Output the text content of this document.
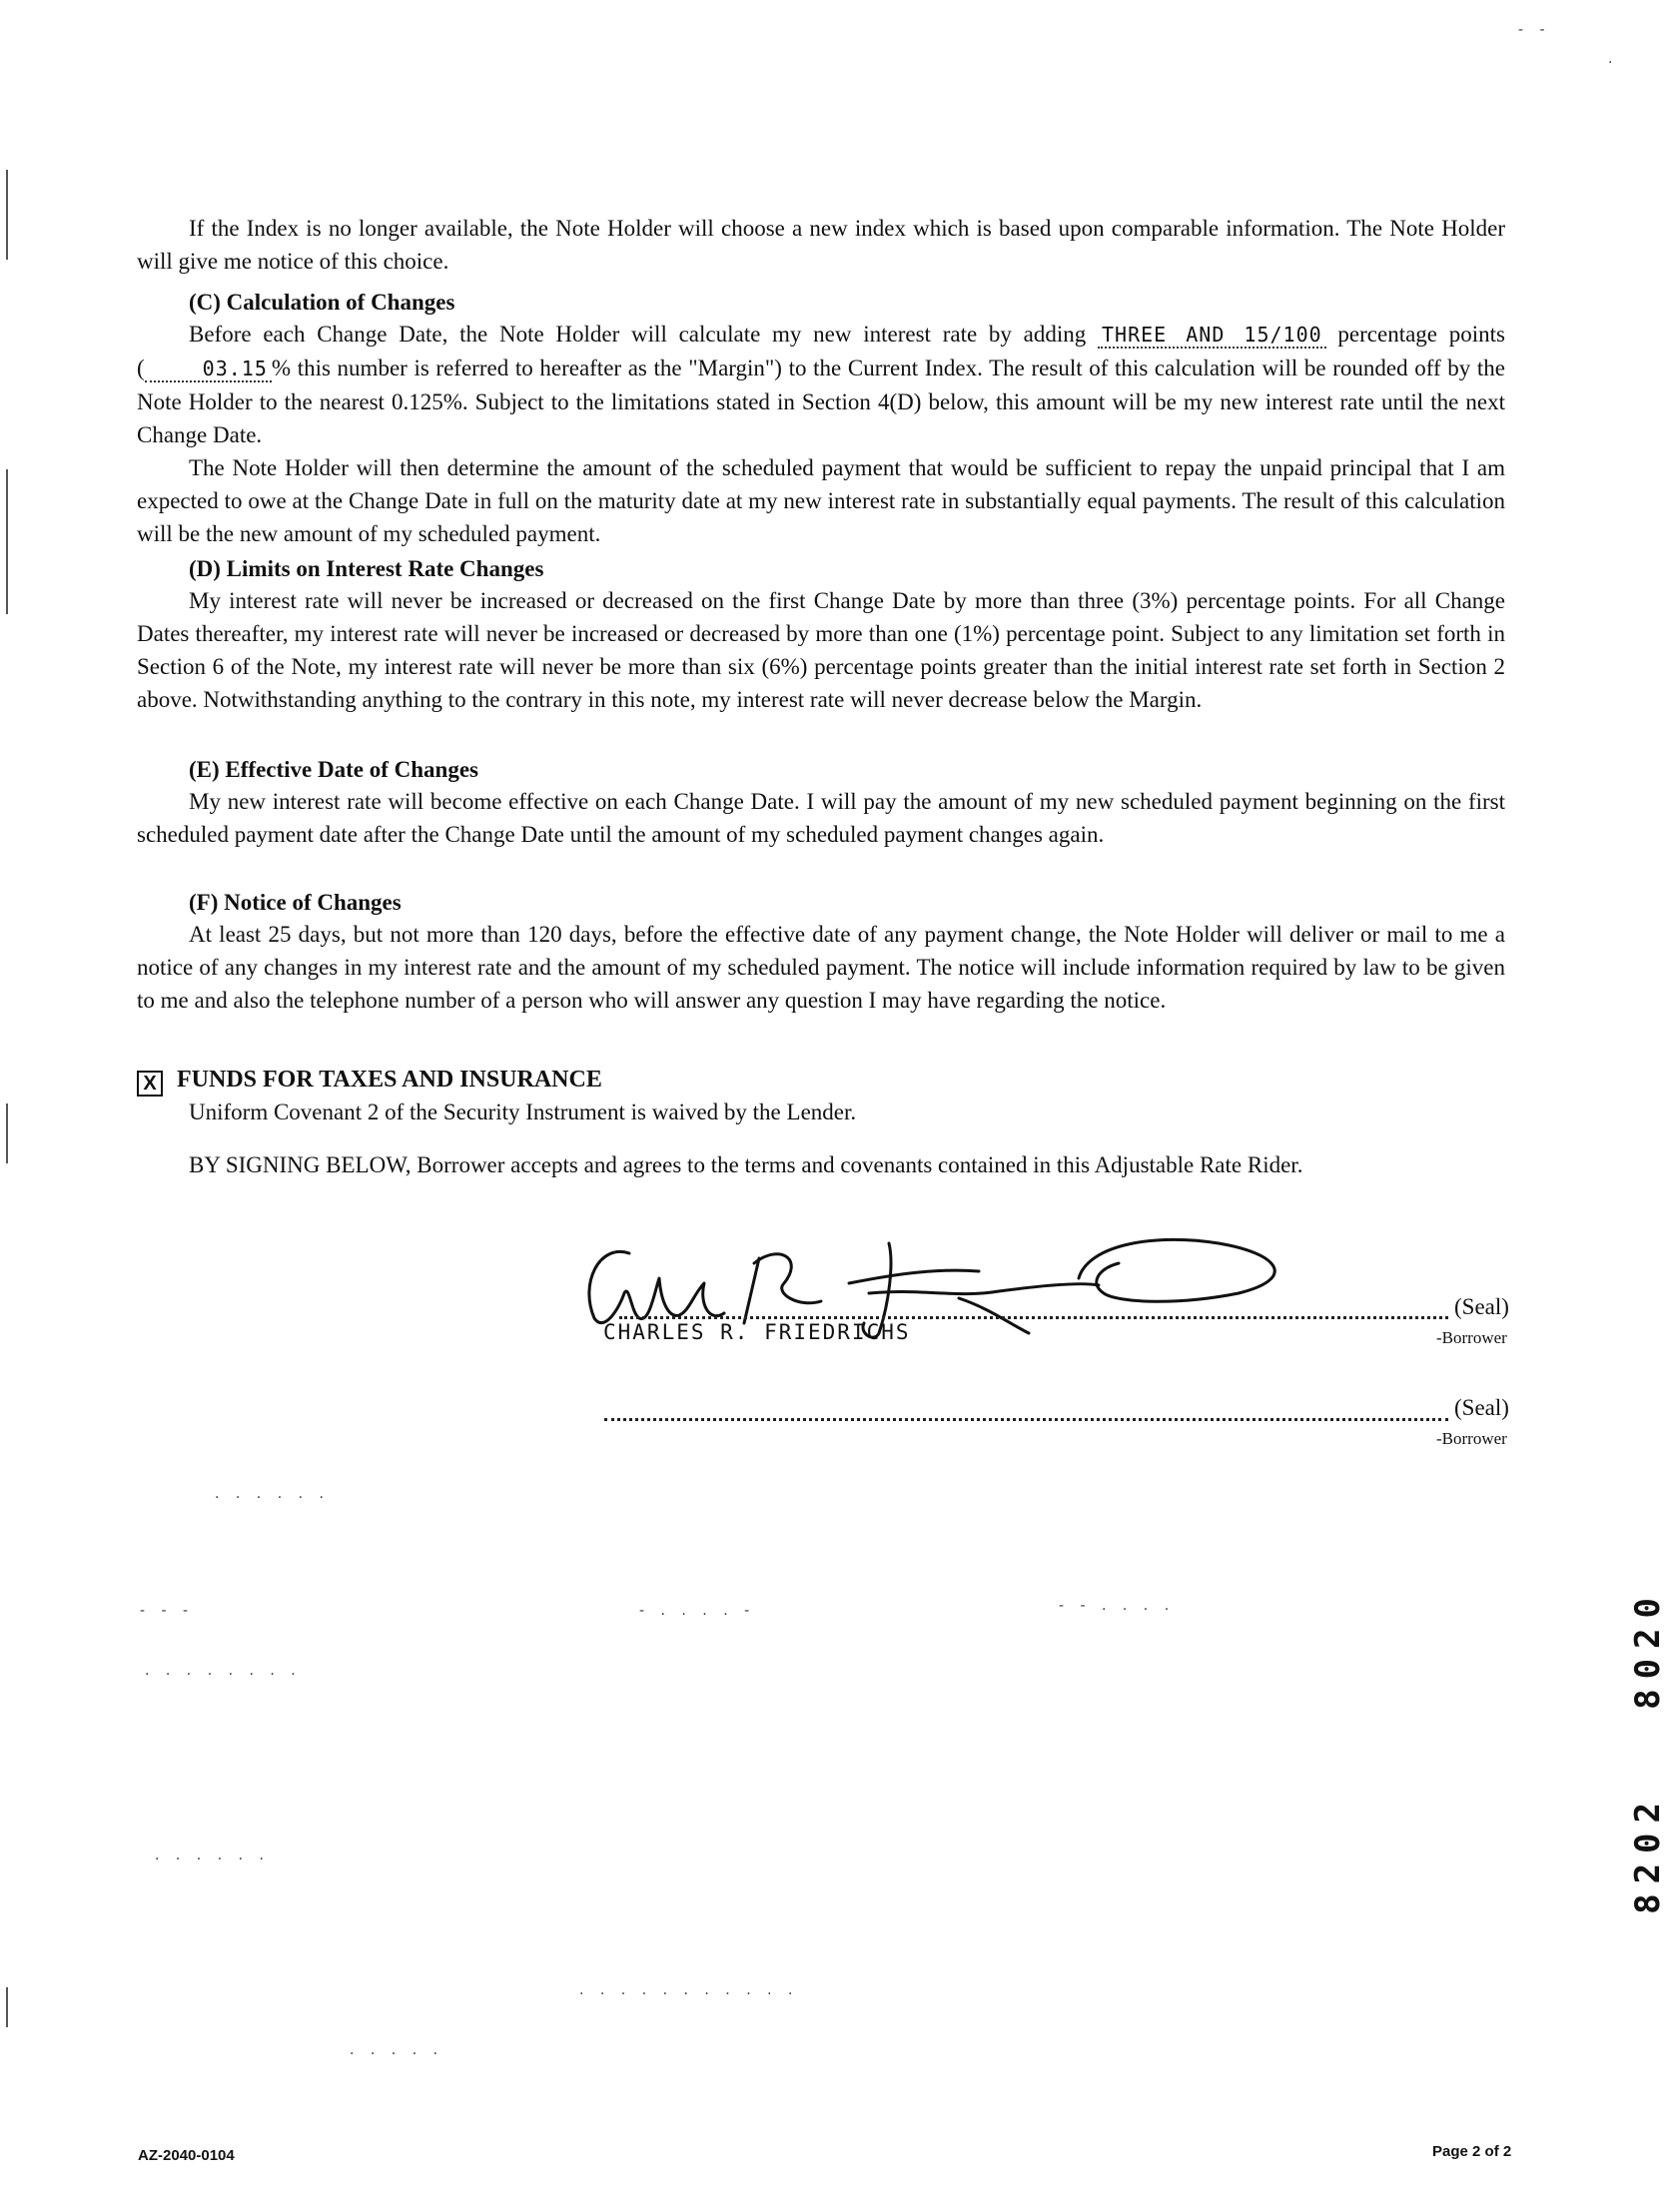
- -
·

If the Index is no longer available, the Note Holder will choose a new index which is based upon comparable information. The Note Holder will give me notice of this choice.

(C) Calculation of Changes

Before each Change Date, the Note Holder will calculate my new interest rate by adding THREE AND 15/100 percentage points (	03.15 % this number is referred to hereafter as the "Margin") to the Current Index. The result of this calculation will be rounded off by the Note Holder to the nearest 0.125%. Subject to the limitations stated in Section 4(D) below, this amount will be my new interest rate until the next Change Date.

The Note Holder will then determine the amount of the scheduled payment that would be sufficient to repay the unpaid principal that I am expected to owe at the Change Date in full on the maturity date at my new interest rate in substantially equal payments. The result of this calculation will be the new amount of my scheduled payment.

(D) Limits on Interest Rate Changes

My interest rate will never be increased or decreased on the first Change Date by more than three (3%) percentage points. For all Change Dates thereafter, my interest rate will never be increased or decreased by more than one (1%) percentage point. Subject to any limitation set forth in Section 6 of the Note, my interest rate will never be more than six (6%) percentage points greater than the initial interest rate set forth in Section 2 above. Notwithstanding anything to the contrary in this note, my interest rate will never decrease below the Margin.

(E) Effective Date of Changes

My new interest rate will become effective on each Change Date. I will pay the amount of my new scheduled payment beginning on the first scheduled payment date after the Change Date until the amount of my scheduled payment changes again.

(F) Notice of Changes

At least 25 days, but not more than 120 days, before the effective date of any payment change, the Note Holder will deliver or mail to me a notice of any changes in my interest rate and the amount of my scheduled payment. The notice will include information required by law to be given to me and also the telephone number of a person who will answer any question I may have regarding the notice.

X FUNDS FOR TAXES AND INSURANCE

Uniform Covenant 2 of the Security Instrument is waived by the Lender.

BY SIGNING BELOW, Borrower accepts and agrees to the terms and covenants contained in this Adjustable Rate Rider.

CHARLES R. FRIEDRICHS
(Seal)
-Borrower
(Seal)
-Borrower
. . . . . .
- - -	- . . . . -	- - . . . .
. . . . . . . .
. . . . . .
. . . . . . . . . . .
. . . . .
8020
8202
AZ-2040-0104	Page 2 of 2
